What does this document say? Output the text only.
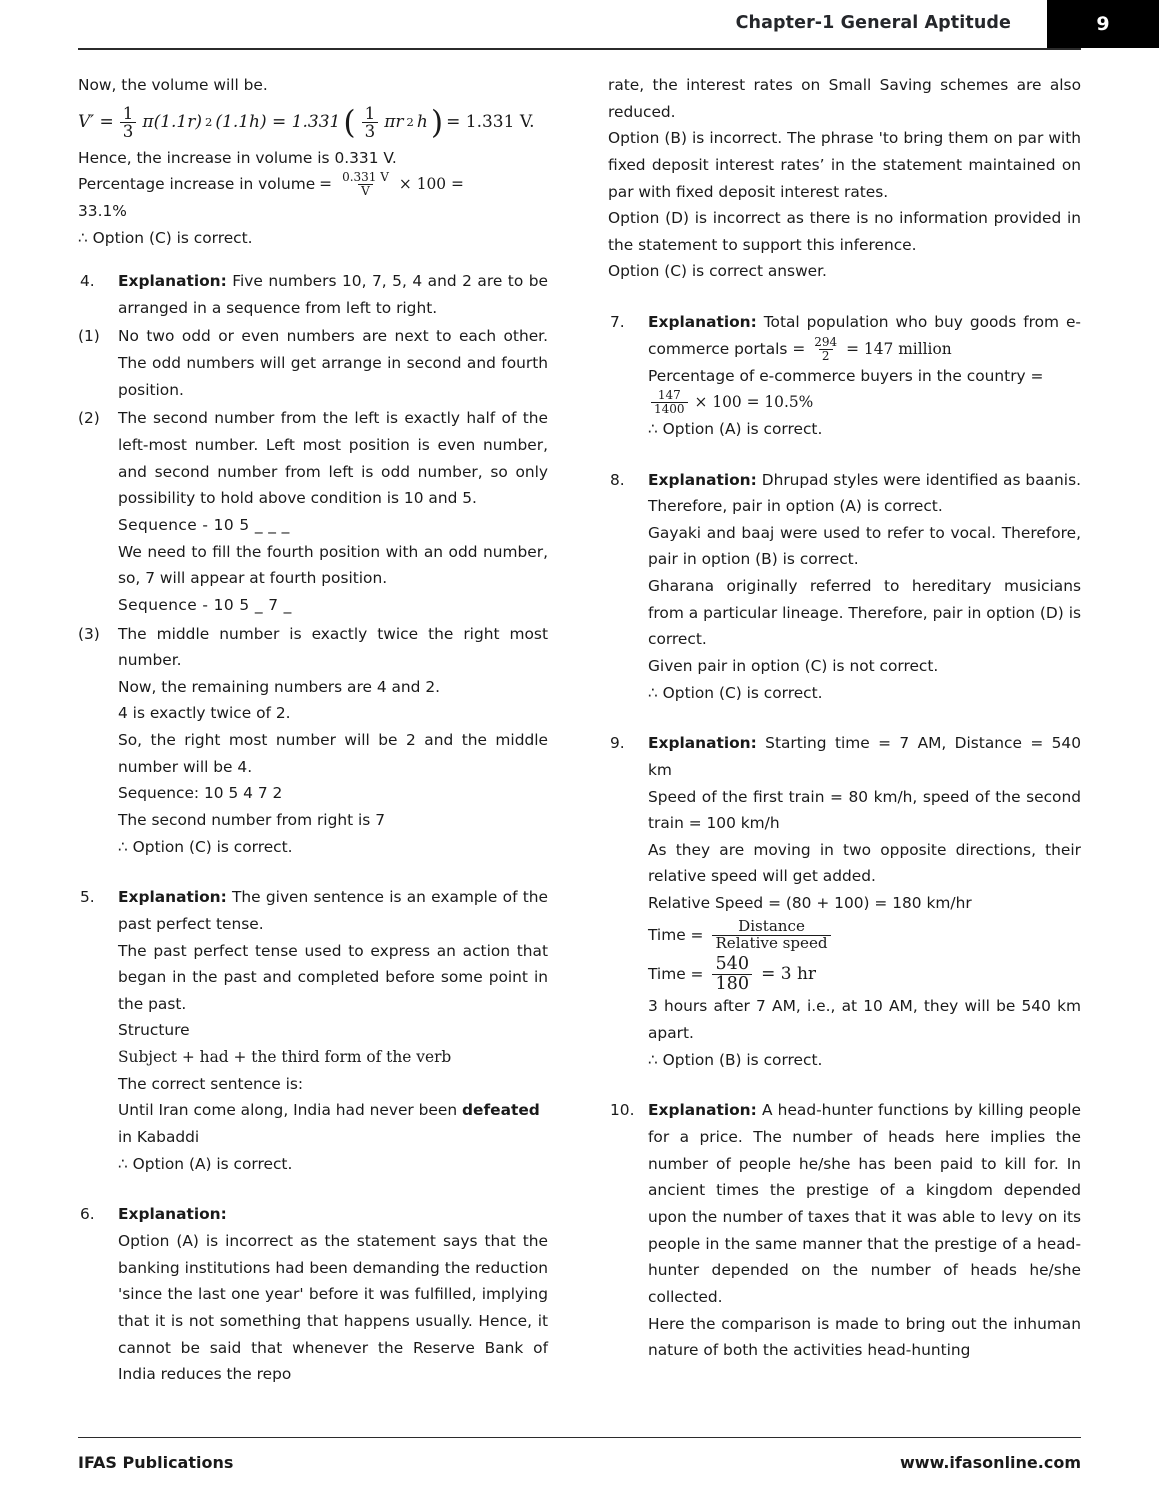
Chapter-1 General Aptitude	9
Now, the volume will be.
$V' = \frac{1}{3} \pi(1.1r)$ 2 (1.1h) = 1.331 ( $\frac{1}{3}$ πr 2 h ) = 1.331 V.
Hence, the increase in volume is 0.331 V.
Percentage increase in volume = $\frac{0.331 V}{V} \times 100$ =
33.1%
∴ Option (C) is correct.
4.	Explanation: Five numbers 10, 7, 5, 4 and 2 are to be arranged in a sequence from left to right.
(1)	No two odd or even numbers are next to each other. The odd numbers will get arrange in second and fourth position.
(2)	The second number from the left is exactly half of the left-most number. Left most position is even number, and second number from left is odd number, so only possibility to hold above condition is 10 and 5.
Sequence - 10 5 _ _ _
We need to fill the fourth position with an odd number, so, 7 will appear at fourth position.
Sequence - 10 5 _ 7 _
(3)	The middle number is exactly twice the right most number.
Now, the remaining numbers are 4 and 2.
4 is exactly twice of 2.
So, the right most number will be 2 and the middle number will be 4.
Sequence: 10 5 4 7 2
The second number from right is 7
∴ Option (C) is correct.
5.	Explanation: The given sentence is an example of the past perfect tense.
The past perfect tense used to express an action that began in the past and completed before some point in the past.
Structure
Subject + had + the third form of the verb
The correct sentence is:
Until Iran come along, India had never been defeated
in Kabaddi
∴ Option (A) is correct.
6.	Explanation:
Option (A) is incorrect as the statement says that the banking institutions had been demanding the reduction 'since the last one year' before it was fulfilled, implying that it is not something that happens usually. Hence, it cannot be said that whenever the Reserve Bank of India reduces the repo
rate, the interest rates on Small Saving schemes are also reduced.
Option (B) is incorrect. The phrase 'to bring them on par with fixed deposit interest rates’ in the statement maintained on par with fixed deposit interest rates.
Option (D) is incorrect as there is no information provided in the statement to support this inference.
Option (C) is correct answer.
7.	Explanation: Total population who buy goods from e-commerce portals = $\frac{294}{2} = 147$ million
Percentage of e-commerce buyers in the country =
$\frac{147}{1400} \times 100 = 10.5\%$
∴ Option (A) is correct.
8.	Explanation: Dhrupad styles were identified as baanis. Therefore, pair in option (A) is correct.
Gayaki and baaj were used to refer to vocal. Therefore, pair in option (B) is correct.
Gharana originally referred to hereditary musicians from a particular lineage. Therefore, pair in option (D) is correct.
Given pair in option (C) is not correct.
∴ Option (C) is correct.
9.	Explanation: Starting time = 7 AM, Distance = 540 km
Speed of the first train = 80 km/h, speed of the second train = 100 km/h
As they are moving in two opposite directions, their relative speed will get added.
Relative Speed = (80 + 100) = 180 km/hr
Time = $\frac{\text{Distance}}{\text{Relative speed}}$
Time = $\frac{540}{180} = 3$ hr
3 hours after 7 AM, i.e., at 10 AM, they will be 540 km apart.
∴ Option (B) is correct.
10. Explanation: A head-hunter functions by killing people for a price. The number of heads here implies the number of people he/she has been paid to kill for. In ancient times the prestige of a kingdom depended upon the number of taxes that it was able to levy on its people in the same manner that the prestige of a head-hunter depended on the number of heads he/she collected.
Here the comparison is made to bring out the inhuman nature of both the activities head-hunting
IFAS Publications	www.ifasonline.com
